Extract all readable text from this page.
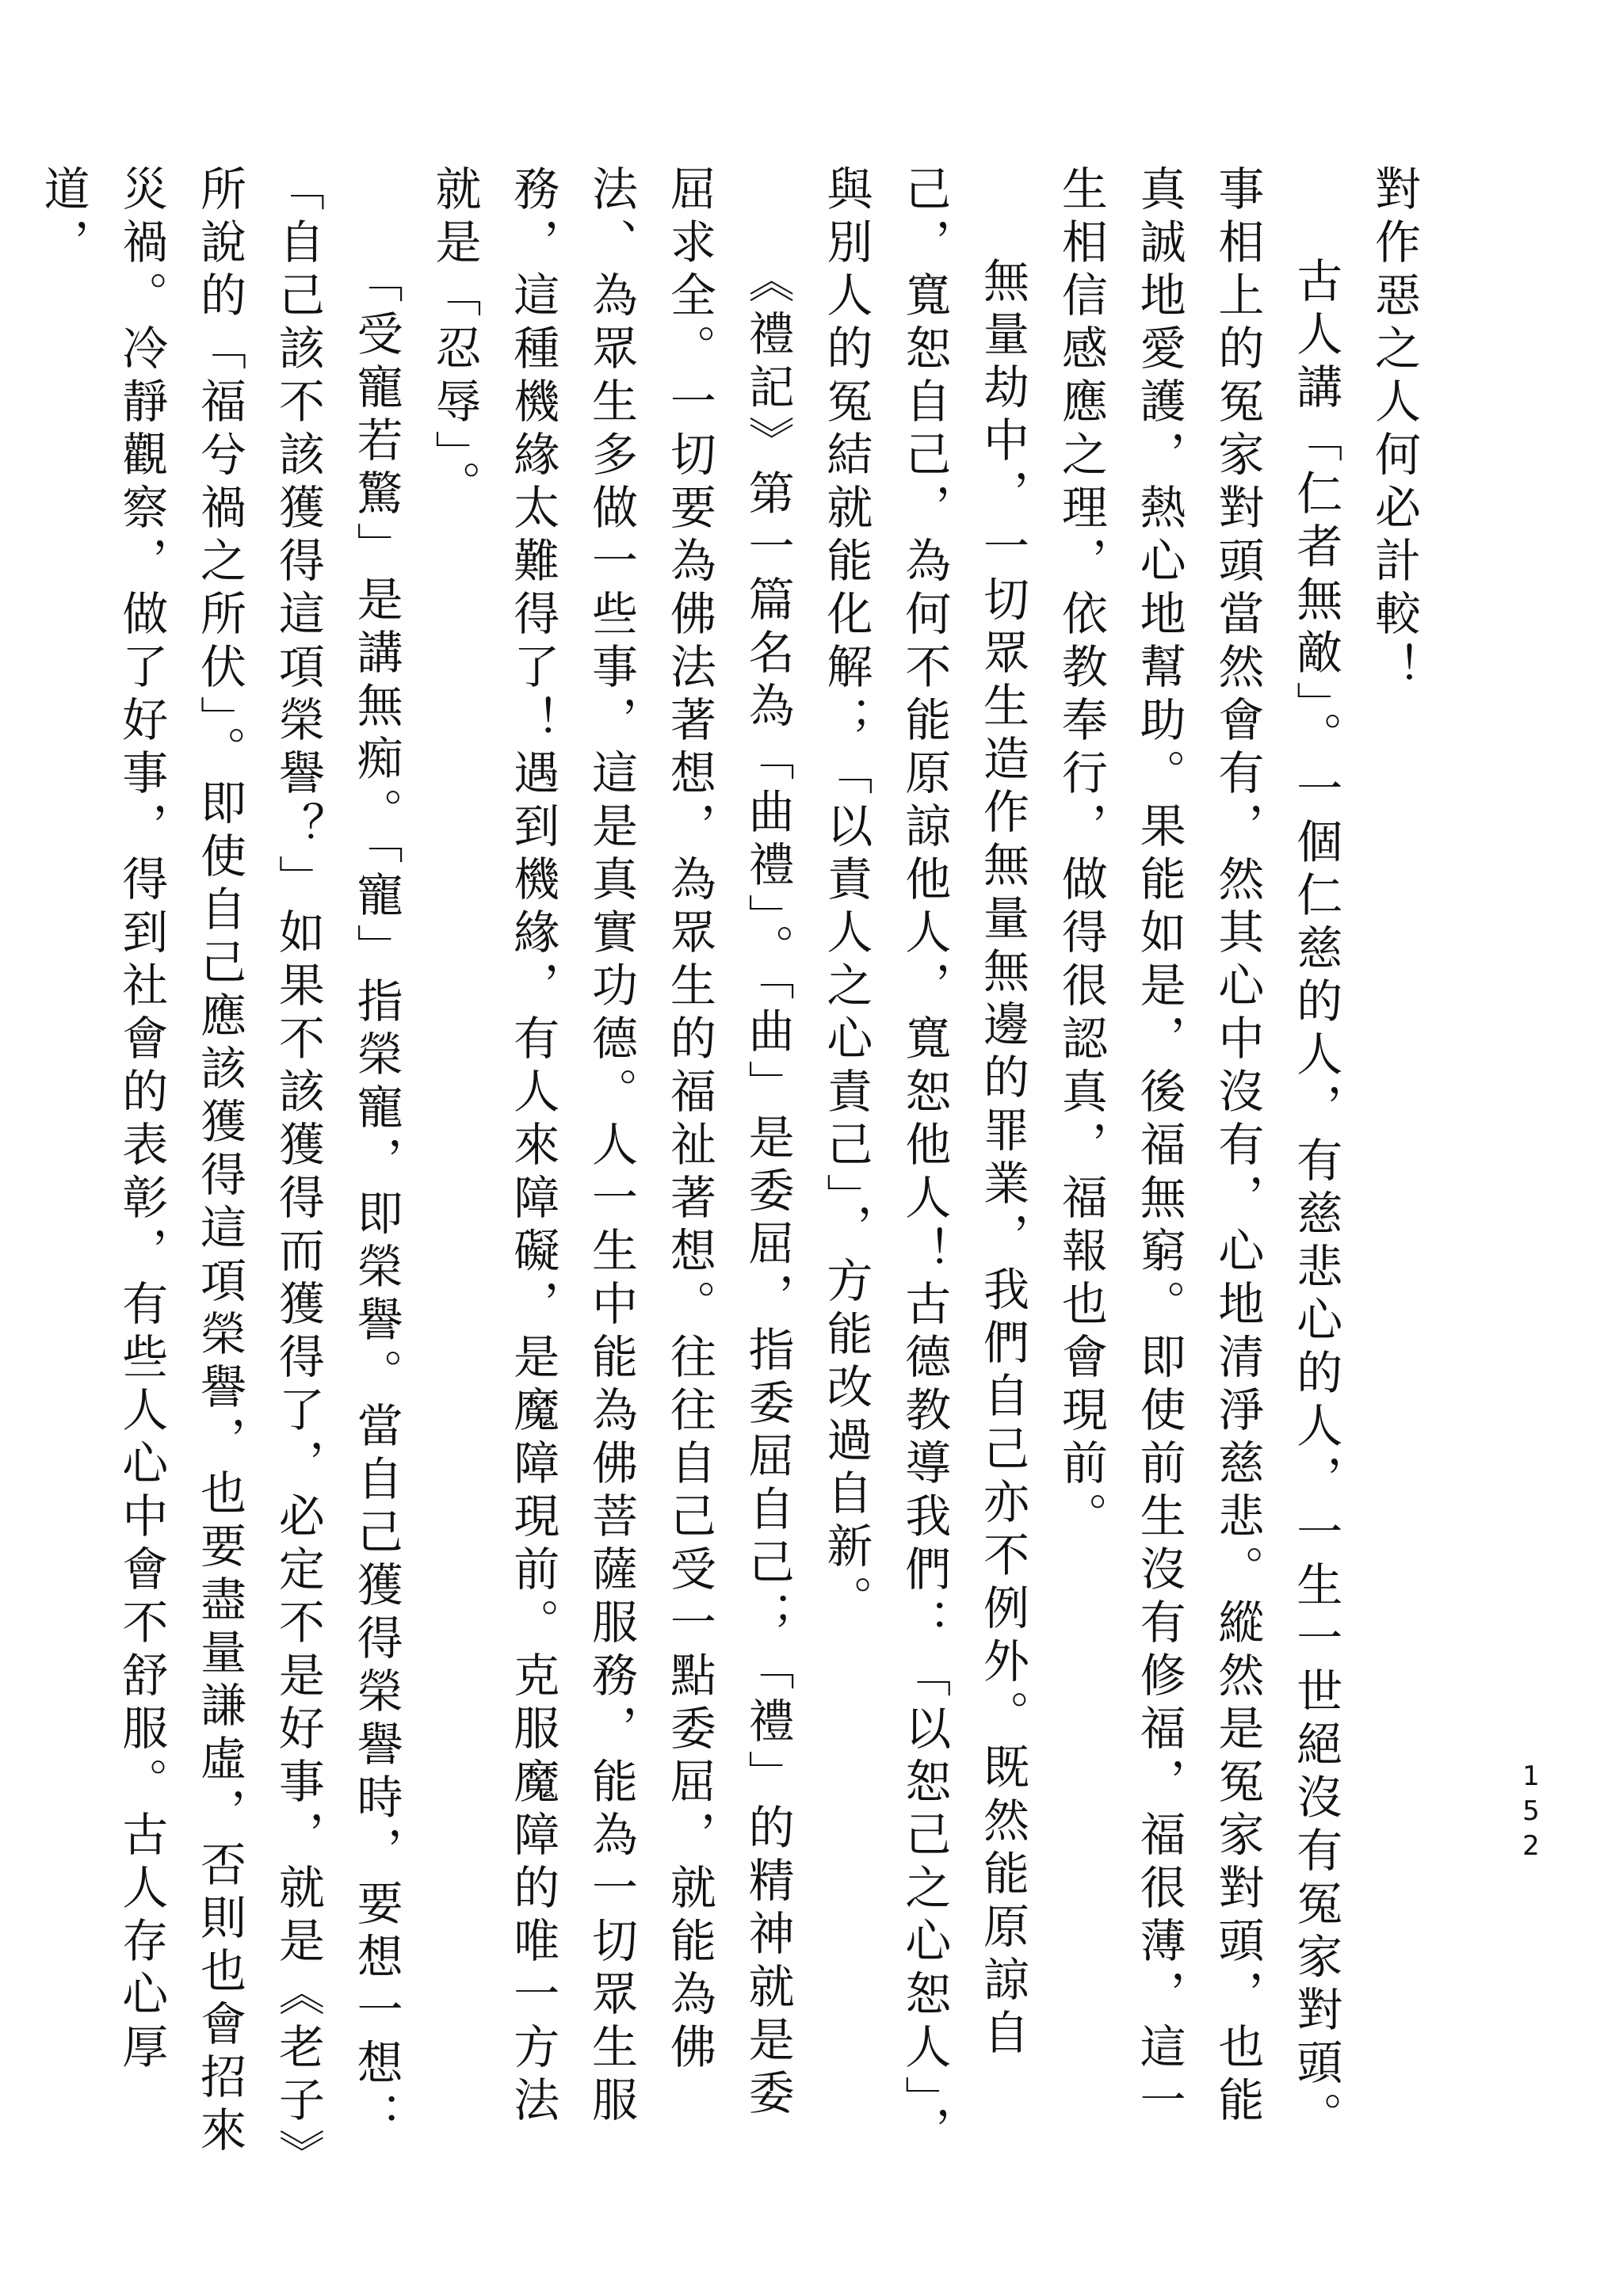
對作惡之人何必計較！

古人講「仁者無敵」。一個仁慈的人，有慈悲心的人，一生一世絕沒有冤家對頭。事相上的冤家對頭當然會有，然其心中沒有，心地清淨慈悲。縱然是冤家對頭，也能真誠地愛護，熱心地幫助。果能如是，後福無窮。即使前生沒有修福，福很薄，這一生相信感應之理，依教奉行，做得很認真，福報也會現前。

無量劫中，一切眾生造作無量無邊的罪業，我們自己亦不例外。既然能原諒自己，寬恕自己，為何不能原諒他人，寬恕他人！古德教導我們：「以恕己之心恕人」，與別人的冤結就能化解；「以責人之心責己」，方能改過自新。

《禮記》第一篇名為「曲禮」。「曲」是委屈，指委屈自己；「禮」的精神就是委屈求全。一切要為佛法著想，為眾生的福祉著想。往往自己受一點委屈，就能為佛法、為眾生多做一些事，這是真實功德。人一生中能為佛菩薩服務，能為一切眾生服務，這種機緣太難得了！遇到機緣，有人來障礙，是魔障現前。克服魔障的唯一方法就是「忍辱」。

「受寵若驚」是講無痴。「寵」指榮寵，即榮譽。當自己獲得榮譽時，要想一想：「自己該不該獲得這項榮譽？」如果不該獲得而獲得了，必定不是好事，就是《老子》所說的「福兮禍之所伏」。即使自己應該獲得這項榮譽，也要盡量謙虛，否則也會招來災禍。冷靜觀察，做了好事，得到社會的表彰，有些人心中會不舒服。古人存心厚道，

152
